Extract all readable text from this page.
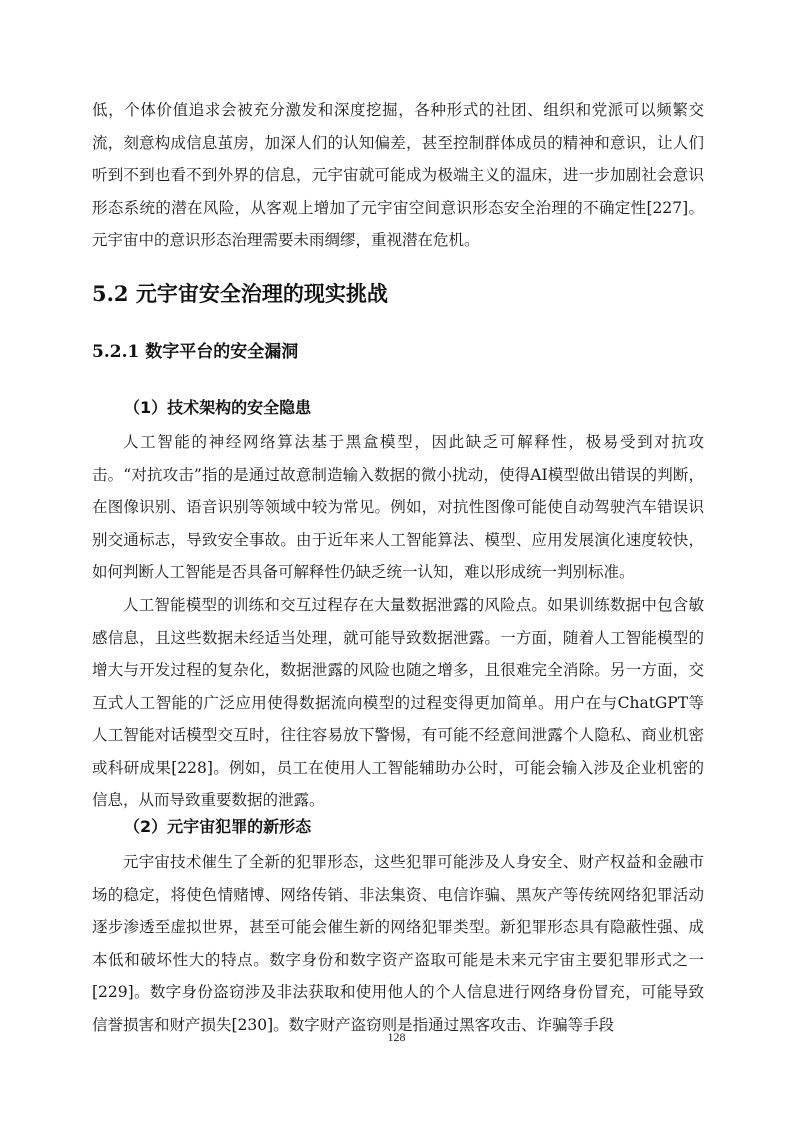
低，个体价值追求会被充分激发和深度挖掘，各种形式的社团、组织和党派可以频繁交流，刻意构成信息茧房，加深人们的认知偏差，甚至控制群体成员的精神和意识，让人们听到不到也看不到外界的信息，元宇宙就可能成为极端主义的温床，进一步加剧社会意识形态系统的潜在风险，从客观上增加了元宇宙空间意识形态安全治理的不确定性[227]。元宇宙中的意识形态治理需要未雨绸缪，重视潜在危机。

5.2 元宇宙安全治理的现实挑战
5.2.1 数字平台的安全漏洞
（1）技术架构的安全隐患

人工智能的神经网络算法基于黑盒模型，因此缺乏可解释性，极易受到对抗攻击。“对抗攻击”指的是通过故意制造输入数据的微小扰动，使得AI模型做出错误的判断，在图像识别、语音识别等领域中较为常见。例如，对抗性图像可能使自动驾驶汽车错误识别交通标志，导致安全事故。由于近年来人工智能算法、模型、应用发展演化速度较快，如何判断人工智能是否具备可解释性仍缺乏统一认知，难以形成统一判别标准。

人工智能模型的训练和交互过程存在大量数据泄露的风险点。如果训练数据中包含敏感信息，且这些数据未经适当处理，就可能导致数据泄露。一方面，随着人工智能模型的增大与开发过程的复杂化，数据泄露的风险也随之增多，且很难完全消除。另一方面，交互式人工智能的广泛应用使得数据流向模型的过程变得更加简单。用户在与ChatGPT等人工智能对话模型交互时，往往容易放下警惕，有可能不经意间泄露个人隐私、商业机密或科研成果[228]。例如，员工在使用人工智能辅助办公时，可能会输入涉及企业机密的信息，从而导致重要数据的泄露。

（2）元宇宙犯罪的新形态

元宇宙技术催生了全新的犯罪形态，这些犯罪可能涉及人身安全、财产权益和金融市场的稳定，将使色情赌博、网络传销、非法集资、电信诈骗、黑灰产等传统网络犯罪活动逐步渗透至虚拟世界，甚至可能会催生新的网络犯罪类型。新犯罪形态具有隐蔽性强、成本低和破坏性大的特点。数字身份和数字资产盗取可能是未来元宇宙主要犯罪形式之一[229]。数字身份盗窃涉及非法获取和使用他人的个人信息进行网络身份冒充，可能导致信誉损害和财产损失[230]。数字财产盗窃则是指通过黑客攻击、诈骗等手段

128
